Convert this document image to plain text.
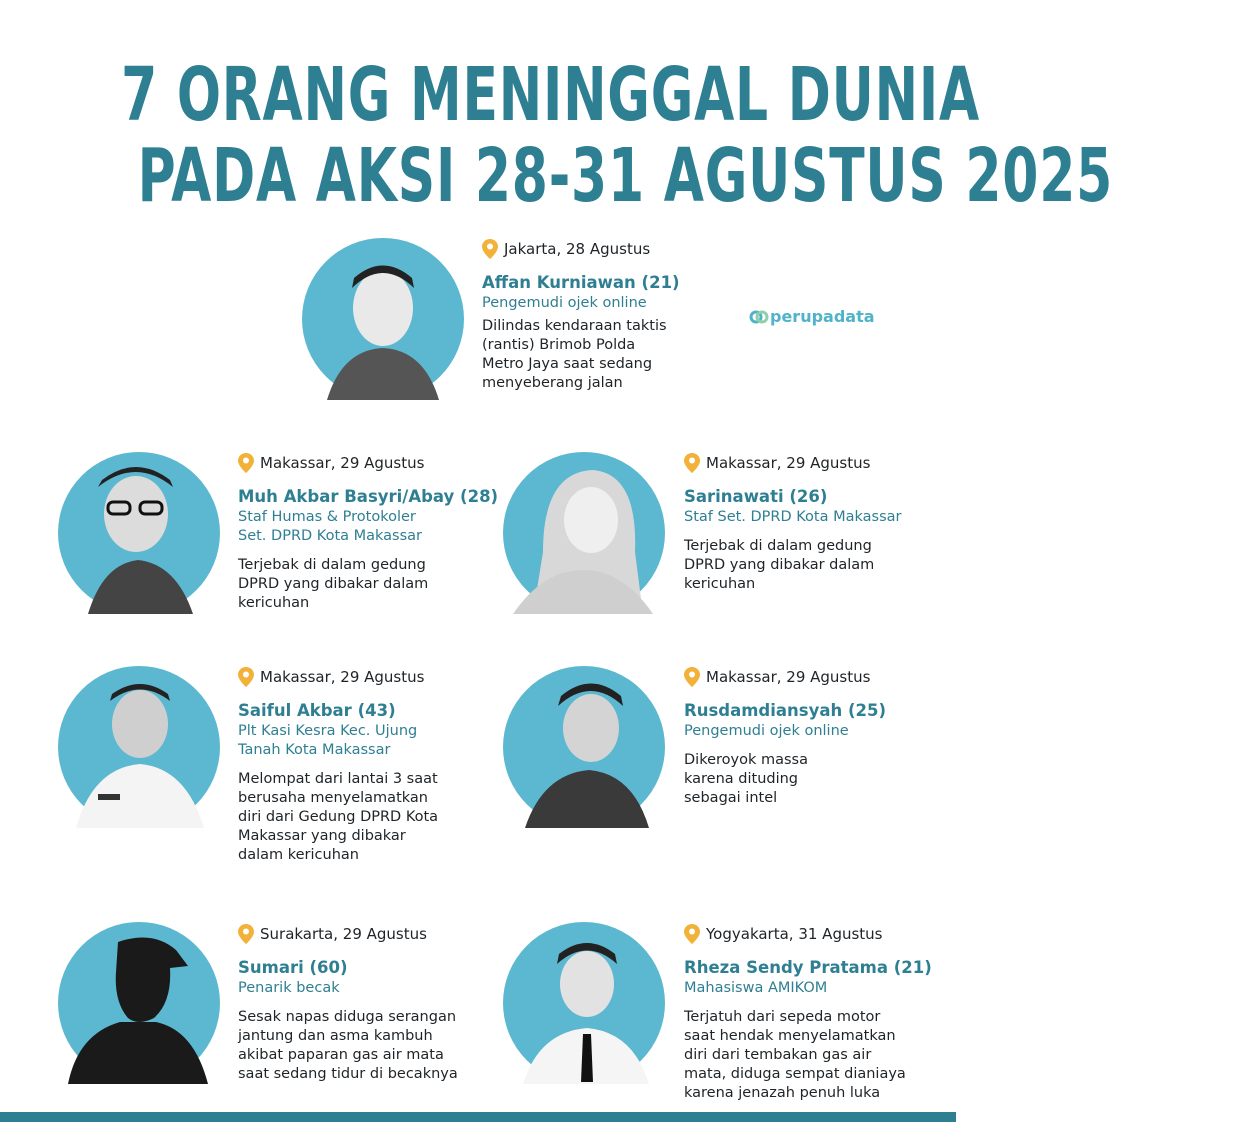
7 ORANG MENINGGAL DUNIA
PADA AKSI 28-31 AGUSTUS 2025
perupadata
Jakarta, 28 Agustus
Affan Kurniawan (21)
Pengemudi ojek online
Dilindas kendaraan taktis
(rantis) Brimob Polda
Metro Jaya saat sedang
menyeberang jalan
Makassar, 29 Agustus
Muh Akbar Basyri/Abay (28)
Staf Humas & Protokoler
Set. DPRD Kota Makassar
Terjebak di dalam gedung
DPRD yang dibakar dalam
kericuhan
Makassar, 29 Agustus
Sarinawati (26)
Staf Set. DPRD Kota Makassar
Terjebak di dalam gedung
DPRD yang dibakar dalam
kericuhan
Makassar, 29 Agustus
Saiful Akbar (43)
Plt Kasi Kesra Kec. Ujung
Tanah Kota Makassar
Melompat dari lantai 3 saat
berusaha menyelamatkan
diri dari Gedung DPRD Kota
Makassar yang dibakar
dalam kericuhan
Makassar, 29 Agustus
Rusdamdiansyah (25)
Pengemudi ojek online
Dikeroyok massa
karena dituding
sebagai intel
Surakarta, 29 Agustus
Sumari (60)
Penarik becak
Sesak napas diduga serangan
jantung dan asma kambuh
akibat paparan gas air mata
saat sedang tidur di becaknya
Yogyakarta, 31 Agustus
Rheza Sendy Pratama (21)
Mahasiswa AMIKOM
Terjatuh dari sepeda motor
saat hendak menyelamatkan
diri dari tembakan gas air
mata, diduga sempat dianiaya
karena jenazah penuh luka
